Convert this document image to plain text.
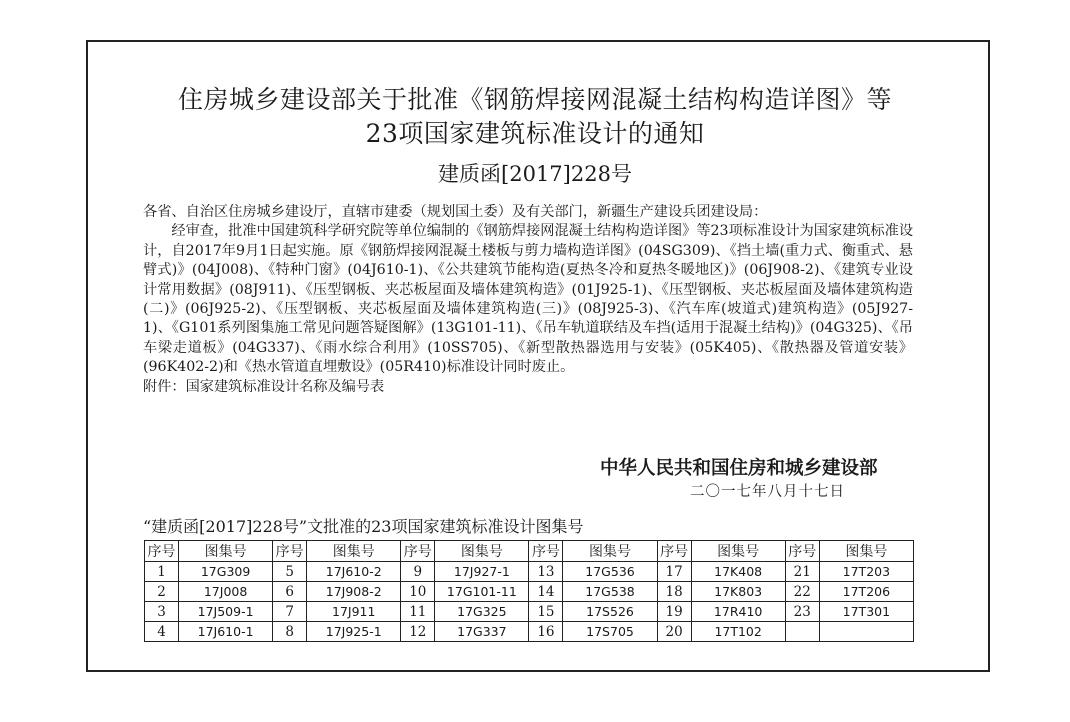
住房城乡建设部关于批准《钢筋焊接网混凝土结构构造详图》等
23项国家建筑标准设计的通知
建质函[2017]228号

各省、自治区住房城乡建设厅，直辖市建委（规划国土委）及有关部门，新疆生产建设兵团建设局：

经审查，批准中国建筑科学研究院等单位编制的《钢筋焊接网混凝土结构构造详图》等23项标准设计为国家建筑标准设计，自2017年9月1日起实施。原《钢筋焊接网混凝土楼板与剪力墙构造详图》(04SG309)、《挡土墙(重力式、衡重式、悬臂式)》(04J008)、《特种门窗》(04J610-1)、《公共建筑节能构造(夏热冬冷和夏热冬暖地区)》(06J908-2)、《建筑专业设计常用数据》(08J911)、《压型钢板、夹芯板屋面及墙体建筑构造》(01J925-1)、《压型钢板、夹芯板屋面及墙体建筑构造(二)》(06J925-2)、《压型钢板、夹芯板屋面及墙体建筑构造(三)》(08J925-3)、《汽车库(坡道式)建筑构造》(05J927-1)、《G101系列图集施工常见问题答疑图解》(13G101-11)、《吊车轨道联结及车挡(适用于混凝土结构)》(04G325)、《吊车梁走道板》(04G337)、《雨水综合利用》(10SS705)、《新型散热器选用与安装》(05K405)、《散热器及管道安装》(96K402-2)和《热水管道直埋敷设》(05R410)标准设计同时废止。

附件：国家建筑标准设计名称及编号表

中华人民共和国住房和城乡建设部
二〇一七年八月十七日
“建质函[2017]228号”文批准的23项国家建筑标准设计图集号
序号	图集号	序号	图集号	序号	图集号	序号	图集号	序号	图集号	序号	图集号
1	17G309	5	17J610-2	9	17J927-1	13	17G536	17	17K408	21	17T203
2	17J008	6	17J908-2	10	17G101-11	14	17G538	18	17K803	22	17T206
3	17J509-1	7	17J911	11	17G325	15	17S526	19	17R410	23	17T301
4	17J610-1	8	17J925-1	12	17G337	16	17S705	20	17T102		
